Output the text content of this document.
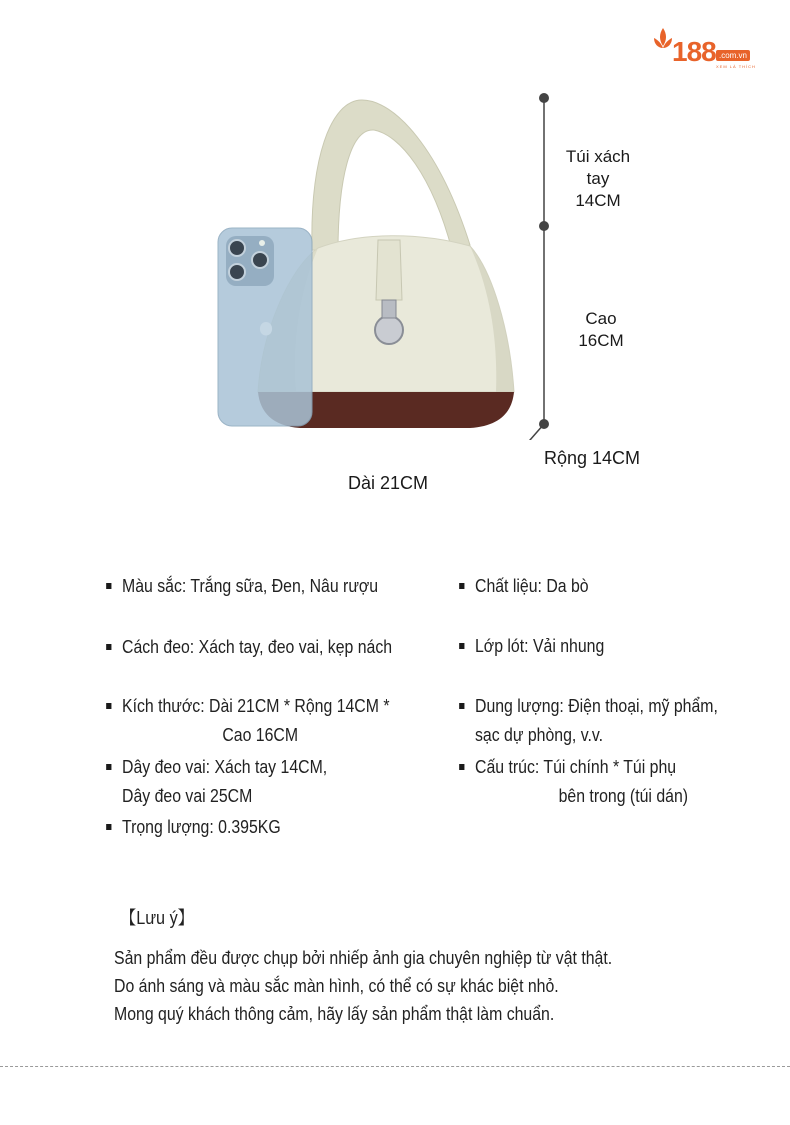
188 .com.vn
XEM LÀ THÍCH
Túi xách tay
14CM
Cao
16CM
Rộng 14CM
Dài 21CM
Màu sắc: Trắng sữa, Đen, Nâu rượu
Cách đeo: Xách tay, đeo vai, kẹp nách
Kích thước: Dài 21CM * Rộng 14CM *
Cao 16CM
Dây đeo vai: Xách tay 14CM,
Dây đeo vai 25CM
Trọng lượng: 0.395KG
Chất liệu: Da bò
Lớp lót: Vải nhung
Dung lượng: Điện thoại, mỹ phẩm,
sạc dự phòng, v.v.
Cấu trúc: Túi chính * Túi phụ
bên trong (túi dán)
【Lưu ý】
Sản phẩm đều được chụp bởi nhiếp ảnh gia chuyên nghiệp từ vật thật.
Do ánh sáng và màu sắc màn hình, có thể có sự khác biệt nhỏ.
Mong quý khách thông cảm, hãy lấy sản phẩm thật làm chuẩn.
